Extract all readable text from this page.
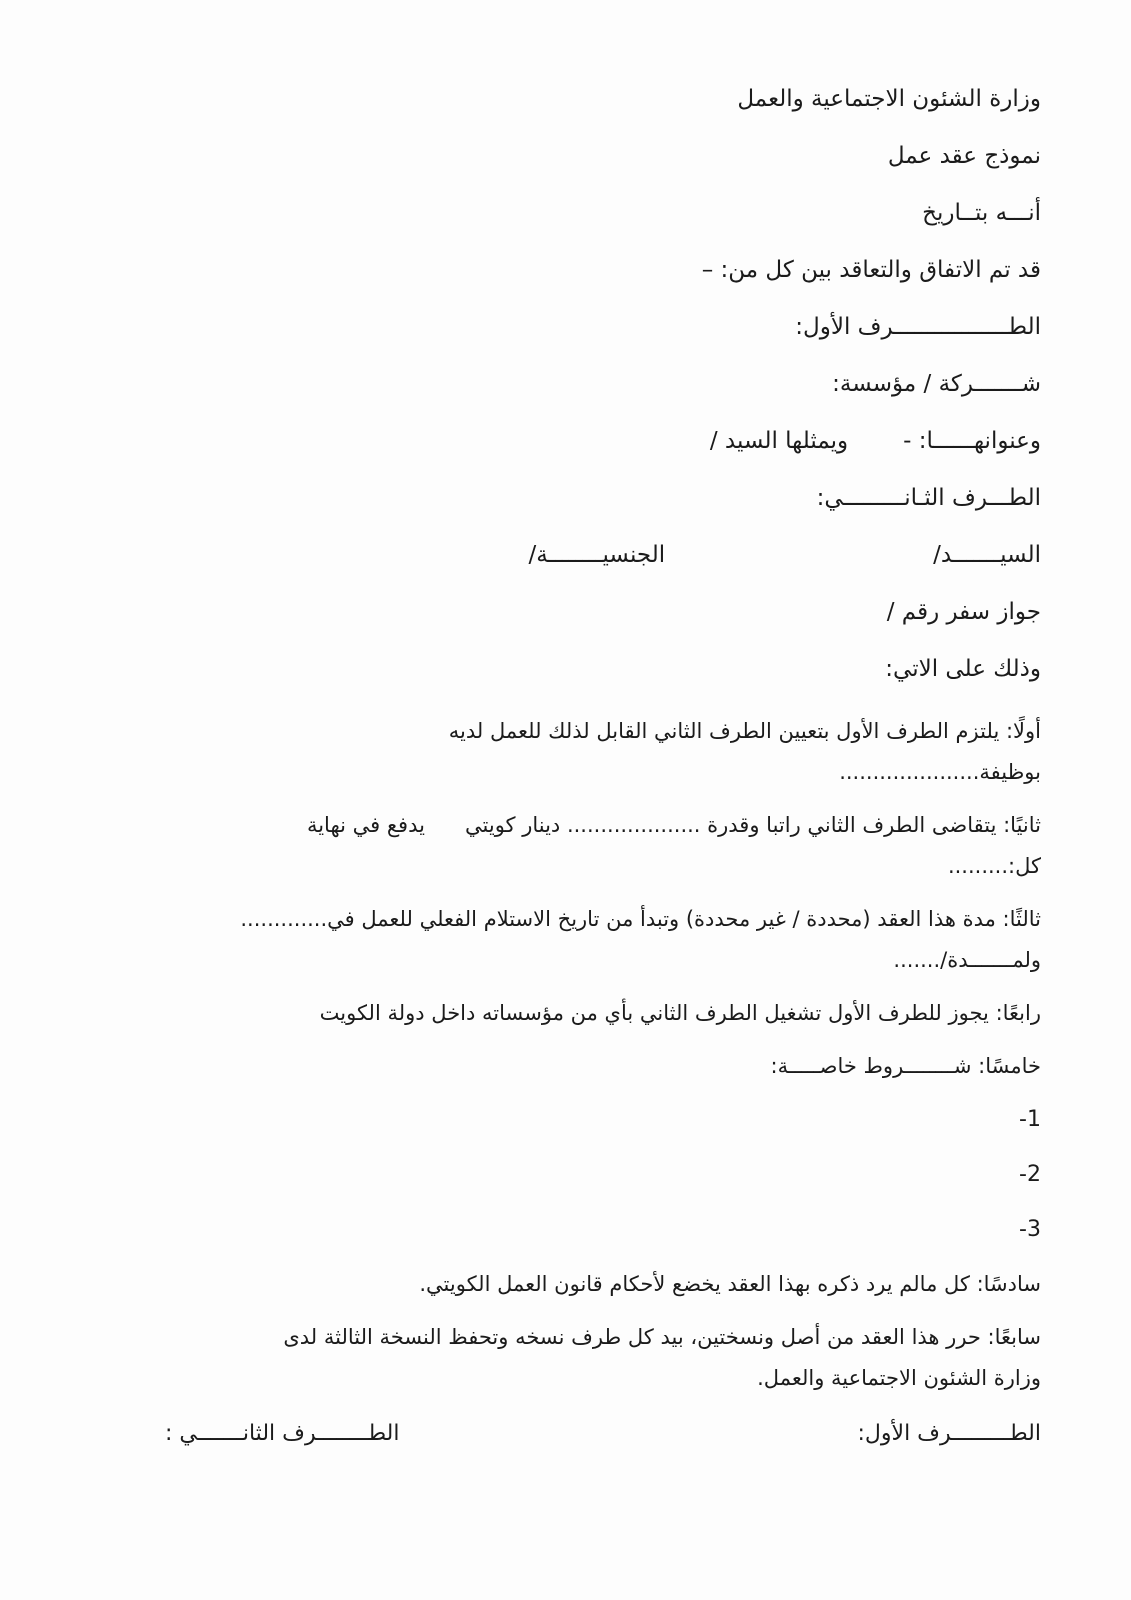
وزارة الشئون الاجتماعية والعمل

نموذج عقد عمل

أنـــه بتــاريخ

قد تم الاتفاق والتعاقد بين كل من: –

الطـــــــــــــــــرف الأول:

شـــــــركة / مؤسسة:

وعنوانهــــــا: -ويمثلها السيد /

الطـــرف الثـانـــــــــي:

السيـــــــد/الجنسيــــــــة/

جواز سفر رقم /

وذلك على الاتي:

أولًا: يلتزم الطرف الأول بتعيين الطرف الثاني القابل لذلك للعمل لديه
بوظيفة.....................
ثانيًا: يتقاضى الطرف الثاني راتبا وقدرة .................... دينار كويتي      يدفع في نهاية
كل:.........
ثالثًا: مدة هذا العقد (محددة / غير محددة) وتبدأ من تاريخ الاستلام الفعلي للعمل في.............
ولمـــــــدة/.......
رابعًا: يجوز للطرف الأول تشغيل الطرف الثاني بأي من مؤسساته داخل دولة الكويت
خامسًا: شــــــــروط خاصـــــة:

1-

2-

3-

سادسًا: كل مالم يرد ذكره بهذا العقد يخضع لأحكام قانون العمل الكويتي.
سابعًا: حرر هذا العقد من أصل ونسختين، بيد كل طرف نسخه وتحفظ النسخة الثالثة لدى
وزارة الشئون الاجتماعية والعمل.
الطـــــــــرف الأول:
الطــــــــرف الثانـــــــي :
